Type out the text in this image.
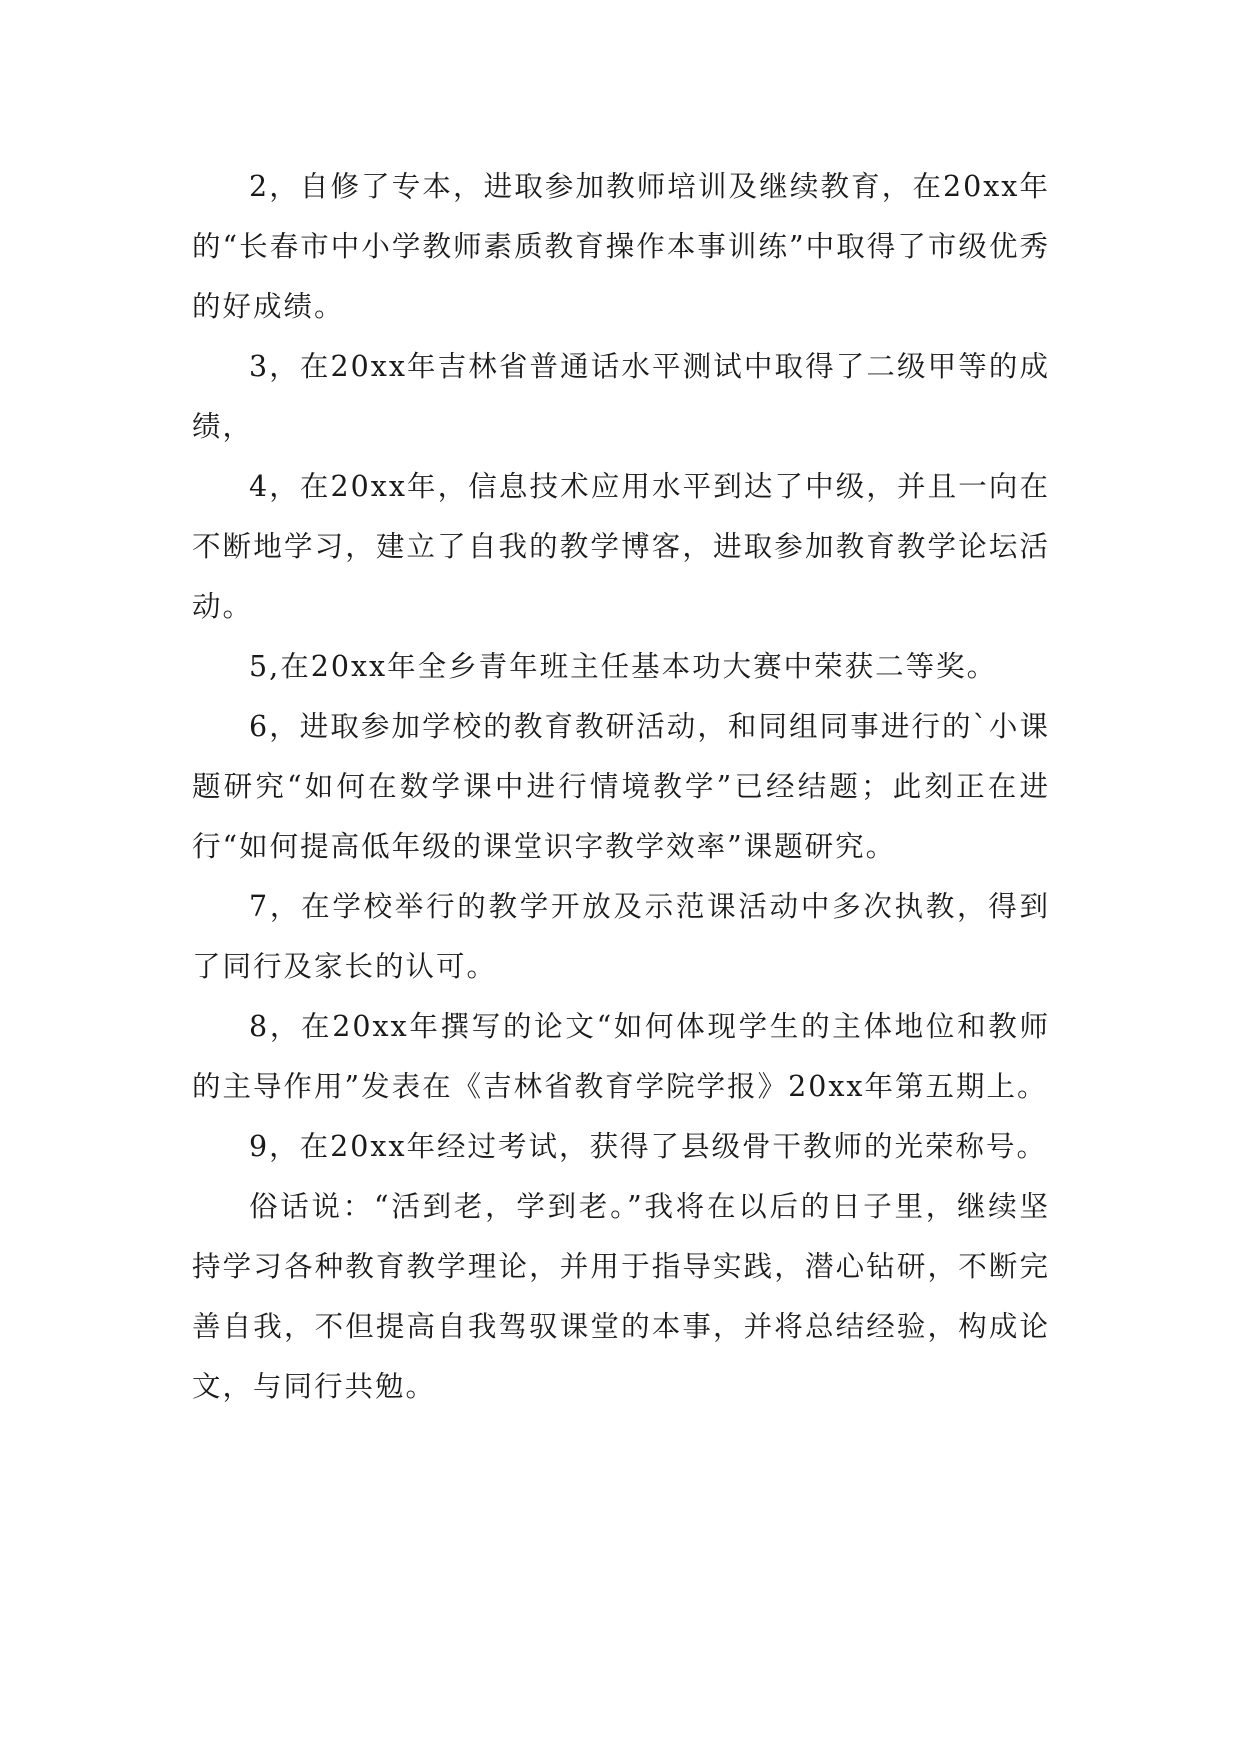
2，自修了专本，进取参加教师培训及继续教育，在20xx年的“长春市中小学教师素质教育操作本事训练”中取得了市级优秀的好成绩。

3，在20xx年吉林省普通话水平测试中取得了二级甲等的成绩，

4，在20xx年，信息技术应用水平到达了中级，并且一向在不断地学习，建立了自我的教学博客，进取参加教育教学论坛活动。

5,在20xx年全乡青年班主任基本功大赛中荣获二等奖。

6，进取参加学校的教育教研活动，和同组同事进行的`小课题研究“如何在数学课中进行情境教学”已经结题；此刻正在进行“如何提高低年级的课堂识字教学效率”课题研究。

7，在学校举行的教学开放及示范课活动中多次执教，得到了同行及家长的认可。

8，在20xx年撰写的论文“如何体现学生的主体地位和教师的主导作用”发表在《吉林省教育学院学报》20xx年第五期上。

9，在20xx年经过考试，获得了县级骨干教师的光荣称号。

俗话说：“活到老，学到老。”我将在以后的日子里，继续坚持学习各种教育教学理论，并用于指导实践，潜心钻研，不断完善自我，不但提高自我驾驭课堂的本事，并将总结经验，构成论文，与同行共勉。
